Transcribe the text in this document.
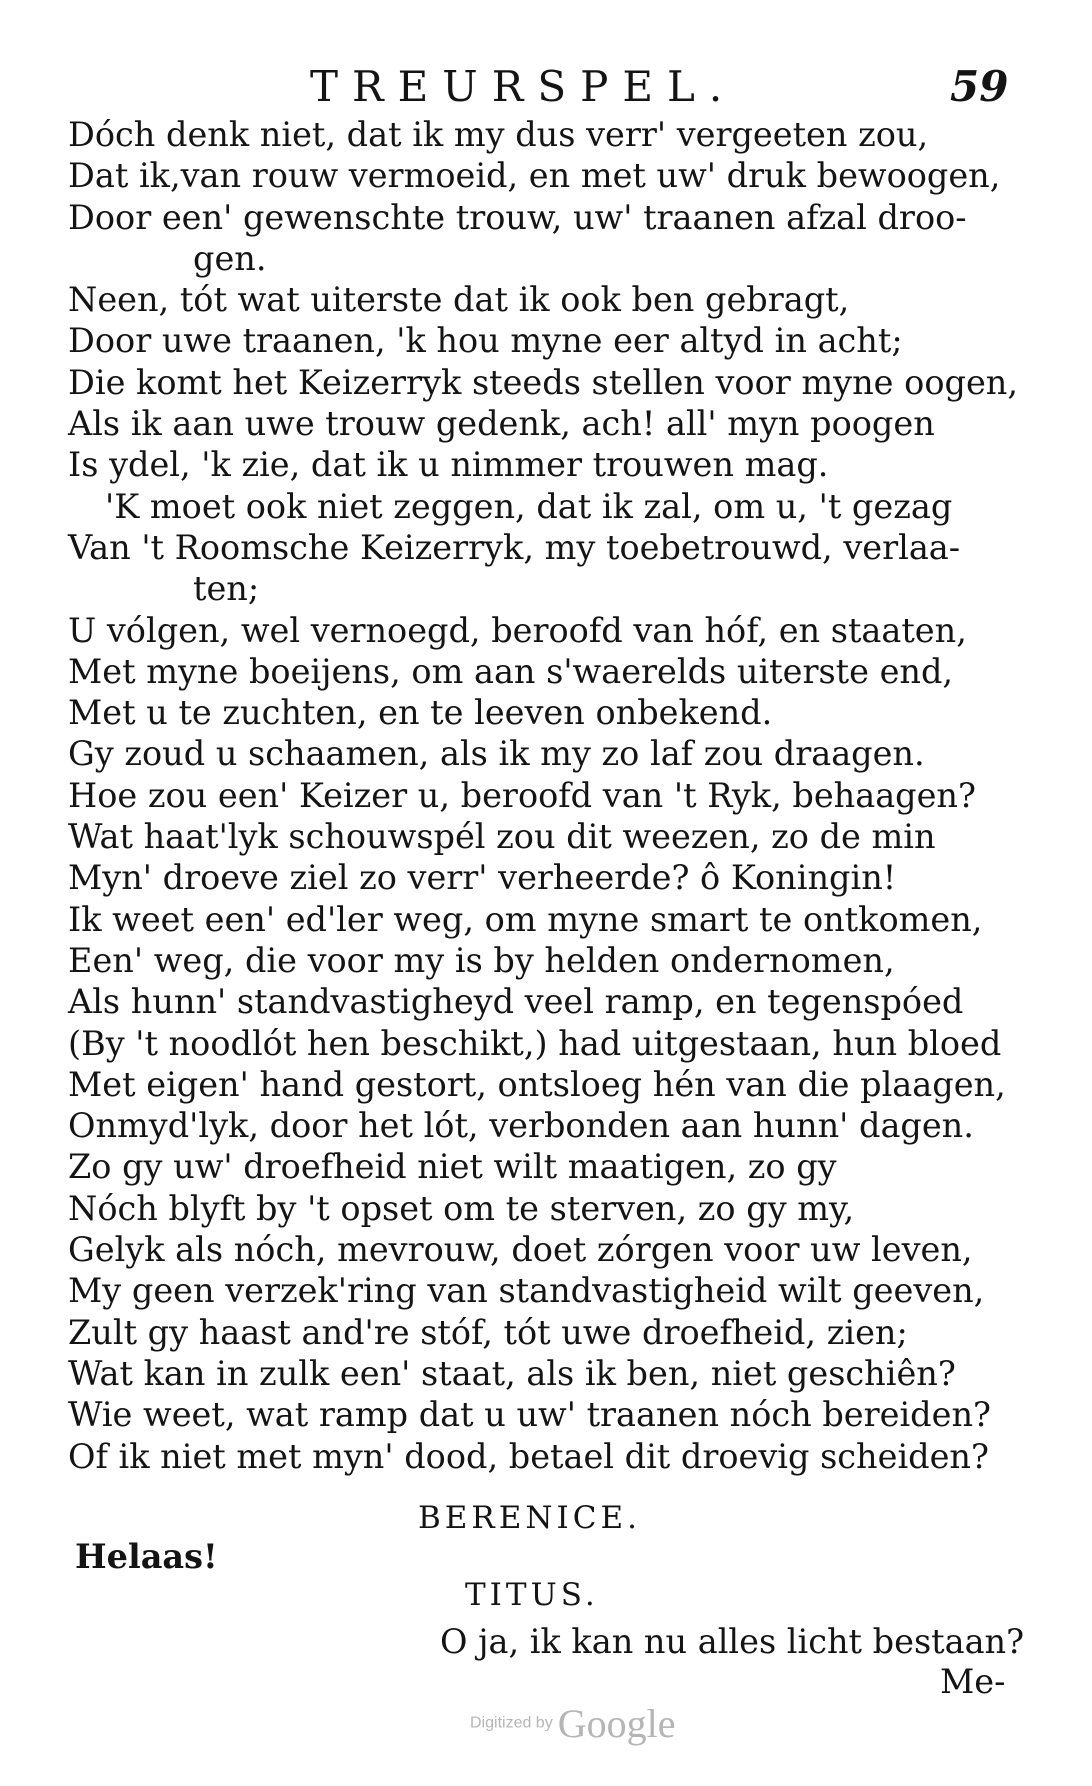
TREURSPEL.	59
Dóch denk niet, dat ik my dus verr' vergeeten zou,
Dat ik,van rouw vermoeid, en met uw' druk bewoogen,
Door een' gewenschte trouw, uw' traanen afzal droo-
gen.
Neen, tót wat uiterste dat ik ook ben gebragt,
Door uwe traanen, 'k hou myne eer altyd in acht;
Die komt het Keizerryk steeds stellen voor myne oogen,
Als ik aan uwe trouw gedenk, ach! all' myn poogen
Is ydel, 'k zie, dat ik u nimmer trouwen mag.
'K moet ook niet zeggen, dat ik zal, om u, 't gezag
Van 't Roomsche Keizerryk, my toebetrouwd, verlaa-
ten;
U vólgen, wel vernoegd, beroofd van hóf, en staaten,
Met myne boeijens, om aan s'waerelds uiterste end,
Met u te zuchten, en te leeven onbekend.
Gy zoud u schaamen, als ik my zo laf zou draagen.
Hoe zou een' Keizer u, beroofd van 't Ryk, behaagen?
Wat haat'lyk schouwspél zou dit weezen, zo de min
Myn' droeve ziel zo verr' verheerde? ô Koningin!
Ik weet een' ed'ler weg, om myne smart te ontkomen,
Een' weg, die voor my is by helden ondernomen,
Als hunn' standvastigheyd veel ramp, en tegenspóed
(By 't noodlót hen beschikt,) had uitgestaan, hun bloed
Met eigen' hand gestort, ontsloeg hén van die plaagen,
Onmyd'lyk, door het lót, verbonden aan hunn' dagen.
Zo gy uw' droefheid niet wilt maatigen, zo gy
Nóch blyft by 't opset om te sterven, zo gy my,
Gelyk als nóch, mevrouw, doet zórgen voor uw leven,
My geen verzek'ring van standvastigheid wilt geeven,
Zult gy haast and're stóf, tót uwe droefheid, zien;
Wat kan in zulk een' staat, als ik ben, niet geschiên?
Wie weet, wat ramp dat u uw' traanen nóch bereiden?
Of ik niet met myn' dood, betael dit droevig scheiden?
BERENICE.
Helaas!
TITUS.
O ja, ik kan nu alles licht bestaan?
Me-
Digitized by Google
